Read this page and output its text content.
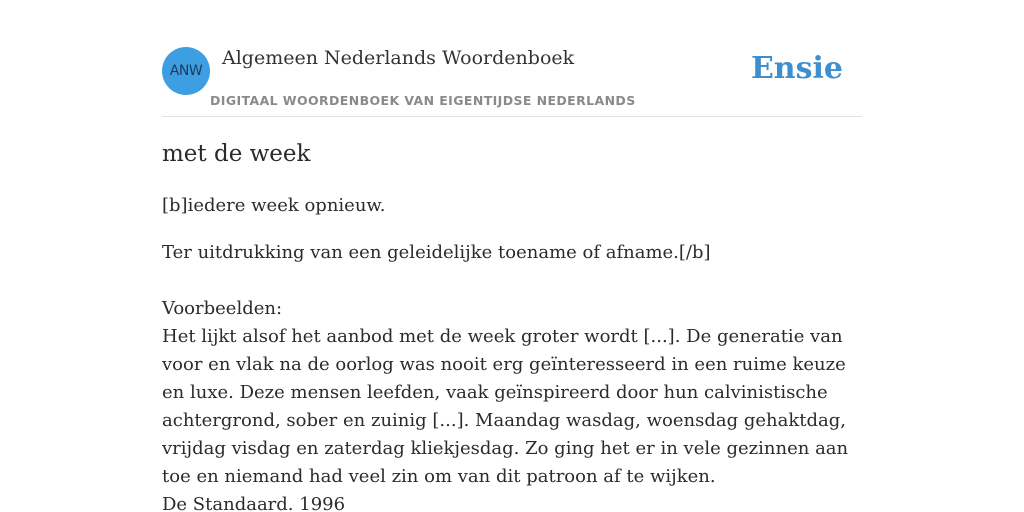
ANW
Algemeen Nederlands Woordenboek
DIGITAAL WOORDENBOEK VAN EIGENTIJDSE NEDERLANDS
Ensie
met de week

[b]iedere week opnieuw.

Ter uitdrukking van een geleidelijke toename of afname.[/b]

Voorbeelden:

Het lijkt alsof het aanbod met de week groter wordt [...]. De generatie van voor en vlak na de oorlog was nooit erg geïnteresseerd in een ruime keuze en luxe. Deze mensen leefden, vaak geïnspireerd door hun calvinistische achtergrond, sober en zuinig [...]. Maandag wasdag, woensdag gehaktdag, vrijdag visdag en zaterdag kliekjesdag. Zo ging het er in vele gezinnen aan toe en niemand had veel zin om van dit patroon af te wijken.

De Standaard. 1996
